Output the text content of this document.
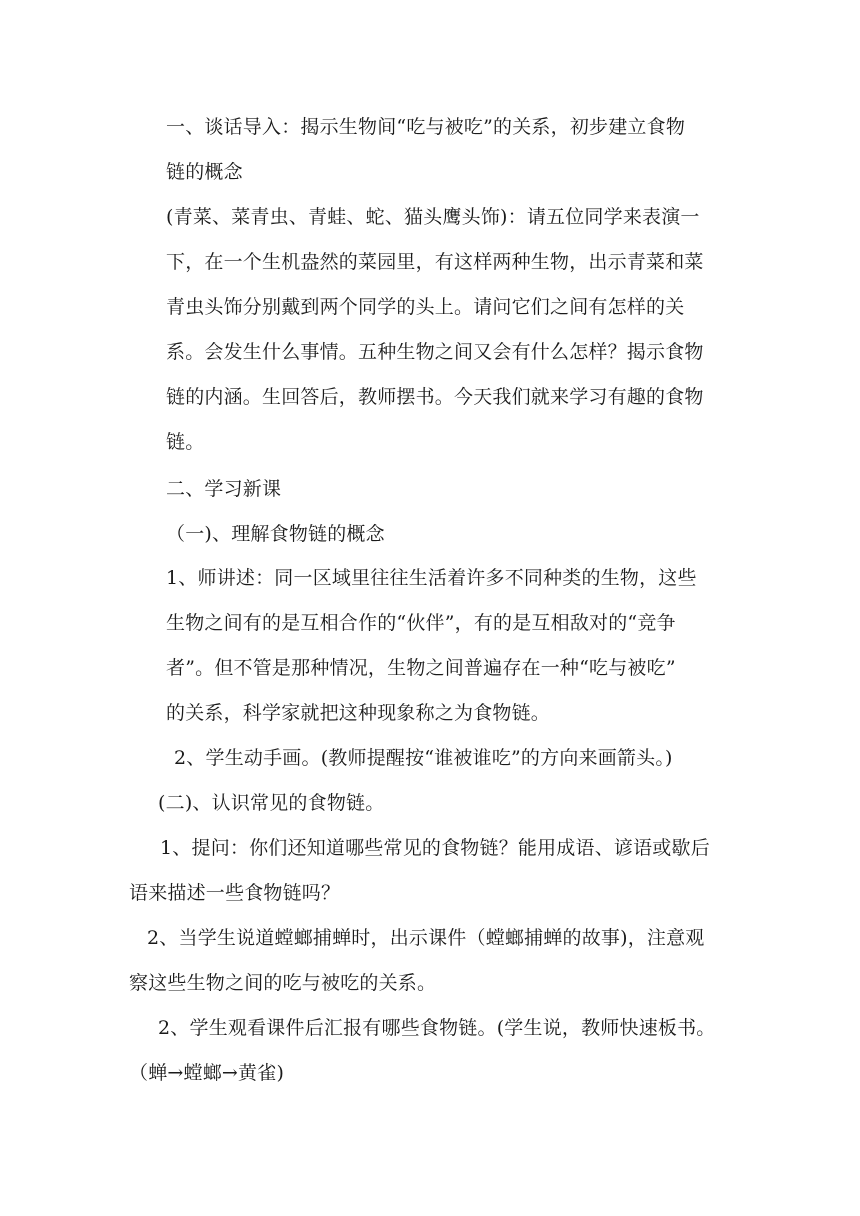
一、谈话导入：揭示生物间“吃与被吃”的关系，初步建立食物
链的概念
(青菜、菜青虫、青蛙、蛇、猫头鹰头饰)：请五位同学来表演一
下，在一个生机盎然的菜园里，有这样两种生物，出示青菜和菜
青虫头饰分别戴到两个同学的头上。请问它们之间有怎样的关
系。会发生什么事情。五种生物之间又会有什么怎样？揭示食物
链的内涵。生回答后，教师摆书。今天我们就来学习有趣的食物
链。
二、学习新课
（一)、理解食物链的概念
1、师讲述：同一区域里往往生活着许多不同种类的生物，这些
生物之间有的是互相合作的“伙伴”，有的是互相敌对的“竞争
者”。但不管是那种情况，生物之间普遍存在一种“吃与被吃”
的关系，科学家就把这种现象称之为食物链。
2、学生动手画。(教师提醒按“谁被谁吃”的方向来画箭头。)
(二)、认识常见的食物链。
1、提问：你们还知道哪些常见的食物链？能用成语、谚语或歇后
语来描述一些食物链吗？
2、当学生说道螳螂捕蝉时，出示课件（螳螂捕蝉的故事)，注意观
察这些生物之间的吃与被吃的关系。
2、学生观看课件后汇报有哪些食物链。(学生说，教师快速板书。
（蝉→螳螂→黄雀)
